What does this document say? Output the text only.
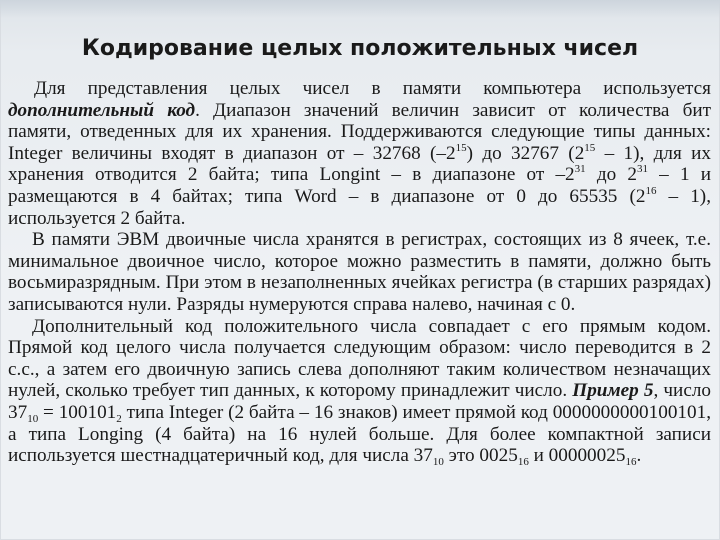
Кодирование целых положительных чисел

Для представления целых чисел в памяти компьютера используется дополнительный код. Диапазон значений величин зависит от количества бит памяти, отведенных для их хранения. Поддерживаются следующие типы данных: Integer величины входят в диапазон от – 32768 $(-2^{15})$ до 32767 $(2^{15} - 1)$, для их хранения отводится 2 байта; типа Longint – в диапазоне от $-2^{31}$ до $2^{31} - 1$ и размещаются в 4 байтах; типа Word – в диапазоне от 0 до 65535 $(2^{16} - 1)$, используется 2 байта.

В памяти ЭВМ двоичные числа хранятся в регистрах, состоящих из 8 ячеек, т.е. минимальное двоичное число, которое можно разместить в памяти, должно быть восьмиразрядным. При этом в незаполненных ячейках регистра (в старших разрядах) записываются нули. Разряды нумеруются справа налево, начиная с 0.

Дополнительный код положительного числа совпадает с его прямым кодом. Прямой код целого числа получается следующим образом: число переводится в 2 с.с., а затем его двоичную запись слева дополняют таким количеством незначащих нулей, сколько требует тип данных, к которому принадлежит число. Пример 5, число $37_{10} = 100101_2$ типа Integer (2 байта – 16 знаков) имеет прямой код 0000000000100101, а типа Longing (4 байта) на 16 нулей больше. Для более компактной записи используется шестнадцатеричный код, для числа $37_{10}$ это $0025_{16}$ и $00000025_{16}$.
